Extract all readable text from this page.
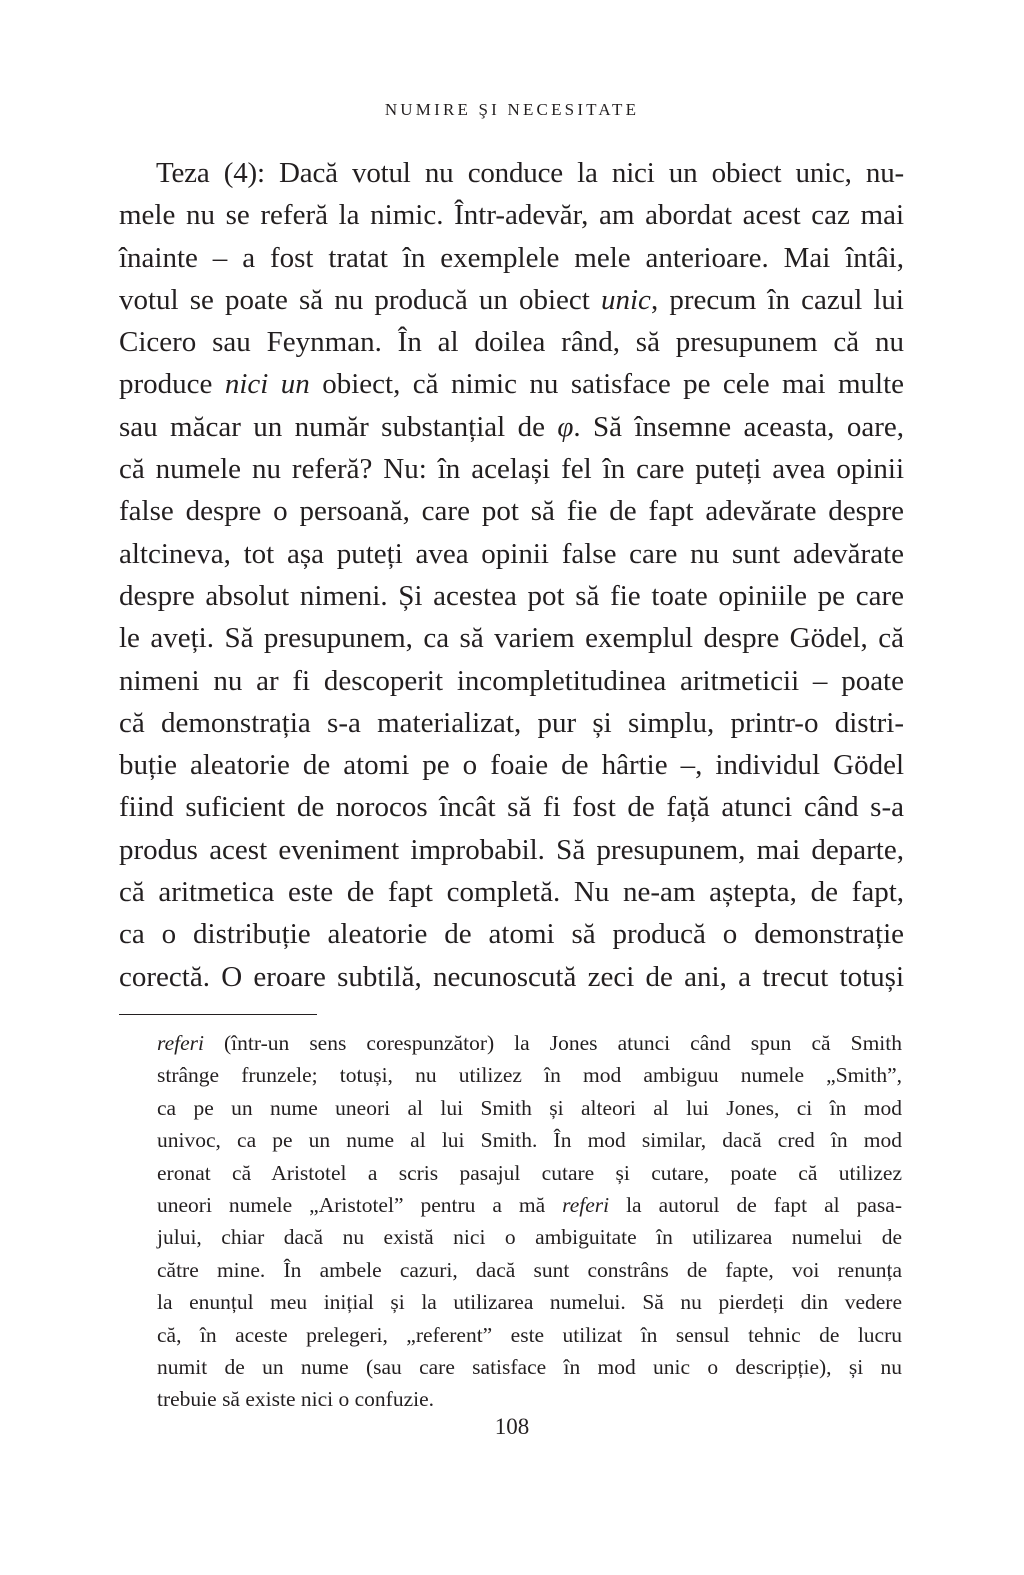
NUMIRE ŞI NECESITATE

Teza (4): Dacă votul nu conduce la nici un obiect unic, nu-

mele nu se referă la nimic. Într-adevăr, am abordat acest caz mai

înainte – a fost tratat în exemplele mele anterioare. Mai întâi,

votul se poate să nu producă un obiect unic, precum în cazul lui

Cicero sau Feynman. În al doilea rând, să presupunem că nu

produce nici un obiect, că nimic nu satisface pe cele mai multe

sau măcar un număr substanțial de φ. Să însemne aceasta, oare,

că numele nu referă? Nu: în același fel în care puteți avea opinii

false despre o persoană, care pot să fie de fapt adevărate despre

altcineva, tot așa puteți avea opinii false care nu sunt adevărate

despre absolut nimeni. Și acestea pot să fie toate opiniile pe care

le aveți. Să presupunem, ca să variem exemplul despre Gödel, că

nimeni nu ar fi descoperit incompletitudinea aritmeticii – poate

că demonstrația s-a materializat, pur și simplu, printr-o distri-

buție aleatorie de atomi pe o foaie de hârtie –, individul Gödel

fiind suficient de norocos încât să fi fost de față atunci când s-a

produs acest eveniment improbabil. Să presupunem, mai departe,

că aritmetica este de fapt completă. Nu ne-am aștepta, de fapt,

ca o distribuție aleatorie de atomi să producă o demonstrație

corectă. O eroare subtilă, necunoscută zeci de ani, a trecut totuși

referi (într-un sens corespunzător) la Jones atunci când spun că Smith

strânge frunzele; totuși, nu utilizez în mod ambiguu numele „Smith”,

ca pe un nume uneori al lui Smith și alteori al lui Jones, ci în mod

univoc, ca pe un nume al lui Smith. În mod similar, dacă cred în mod

eronat că Aristotel a scris pasajul cutare și cutare, poate că utilizez

uneori numele „Aristotel” pentru a mă referi la autorul de fapt al pasa-

jului, chiar dacă nu există nici o ambiguitate în utilizarea numelui de

către mine. În ambele cazuri, dacă sunt constrâns de fapte, voi renunța

la enunțul meu inițial și la utilizarea numelui. Să nu pierdeți din vedere

că, în aceste prelegeri, „referent” este utilizat în sensul tehnic de lucru

numit de un nume (sau care satisface în mod unic o descripție), și nu

trebuie să existe nici o confuzie.

108
